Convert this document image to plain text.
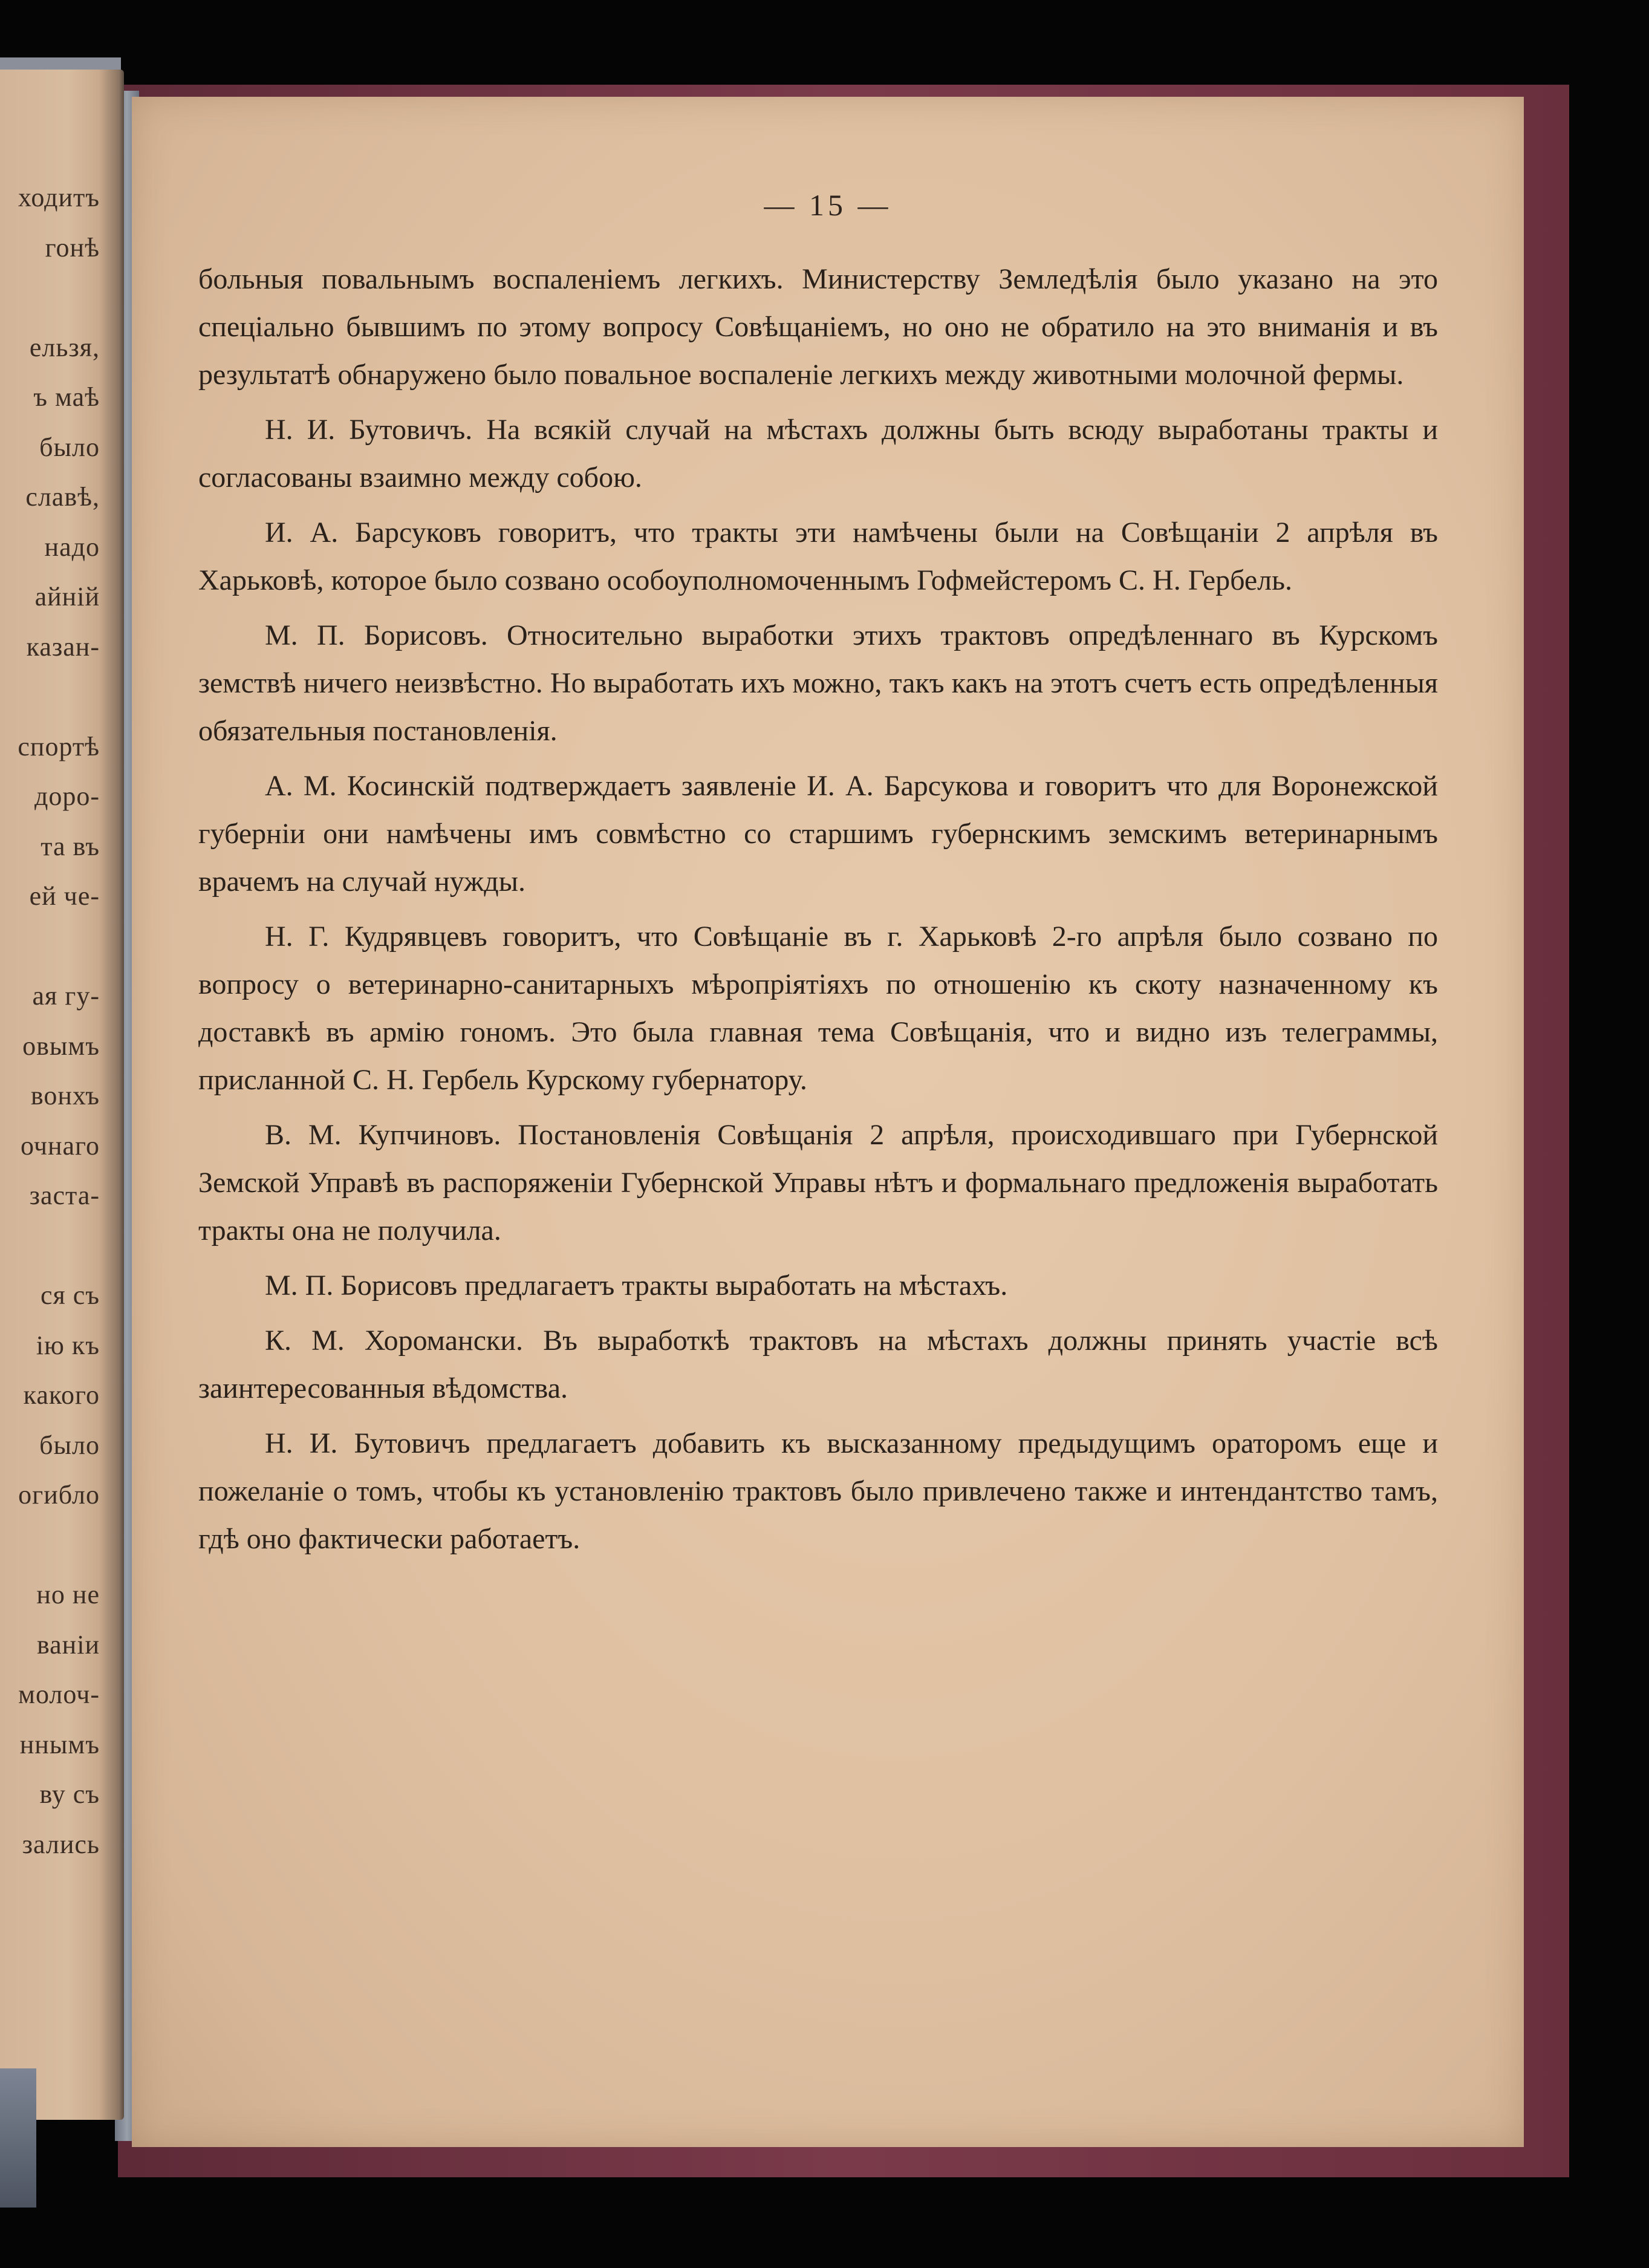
ходитъ
гонѣ
ельзя,
ъ маѣ
было
славѣ,
надо
айній
казан-
спортѣ
доро-
та въ
ей че-
ая гу-
овымъ
вонхъ
очнаго
заста-
ся съ
ію къ
какого
было
огибло
но не
ваніи
молоч-
ннымъ
ву съ
зались
— 15 —

больныя повальнымъ воспаленіемъ легкихъ. Министерству Земледѣлія было указано на это спеціально бывшимъ по этому вопросу Совѣщаніемъ, но оно не обратило на это вниманія и въ результатѣ обнаружено было повальное воспаленіе легкихъ между животными молочной фермы.

Н. И. Бутовичъ. На всякій случай на мѣстахъ должны быть всюду выработаны тракты и согласованы взаимно между собою.

И. А. Барсуковъ говоритъ, что тракты эти намѣчены были на Совѣщаніи 2 апрѣля въ Харьковѣ, которое было созвано особоуполномоченнымъ Гофмейстеромъ С. Н. Гербель.

М. П. Борисовъ. Относительно выработки этихъ трактовъ опредѣленнаго въ Курскомъ земствѣ ничего неизвѣстно. Но выработать ихъ можно, такъ какъ на этотъ счетъ есть опредѣленныя обязательныя постановленія.

А. М. Косинскій подтверждаетъ заявленіе И. А. Барсукова и говоритъ что для Воронежской губерніи они намѣчены имъ совмѣстно со старшимъ губернскимъ земскимъ ветеринарнымъ врачемъ на случай нужды.

Н. Г. Кудрявцевъ говоритъ, что Совѣщаніе въ г. Харьковѣ 2-го апрѣля было созвано по вопросу о ветеринарно-санитарныхъ мѣропріятіяхъ по отношенію къ скоту назначенному къ доставкѣ въ армію гономъ. Это была главная тема Совѣщанія, что и видно изъ телеграммы, присланной С. Н. Гербель Курскому губернатору.

В. М. Купчиновъ. Постановленія Совѣщанія 2 апрѣля, происходившаго при Губернской Земской Управѣ въ распоряженіи Губернской Управы нѣтъ и формальнаго предложенія выработать тракты она не получила.

М. П. Борисовъ предлагаетъ тракты выработать на мѣстахъ.

К. М. Хоромански. Въ выработкѣ трактовъ на мѣстахъ должны принять участіе всѣ заинтересованныя вѣдомства.

Н. И. Бутовичъ предлагаетъ добавить къ высказанному предыдущимъ ораторомъ еще и пожеланіе о томъ, чтобы къ установленію трактовъ было привлечено также и интендантство тамъ, гдѣ оно фактически работаетъ.
